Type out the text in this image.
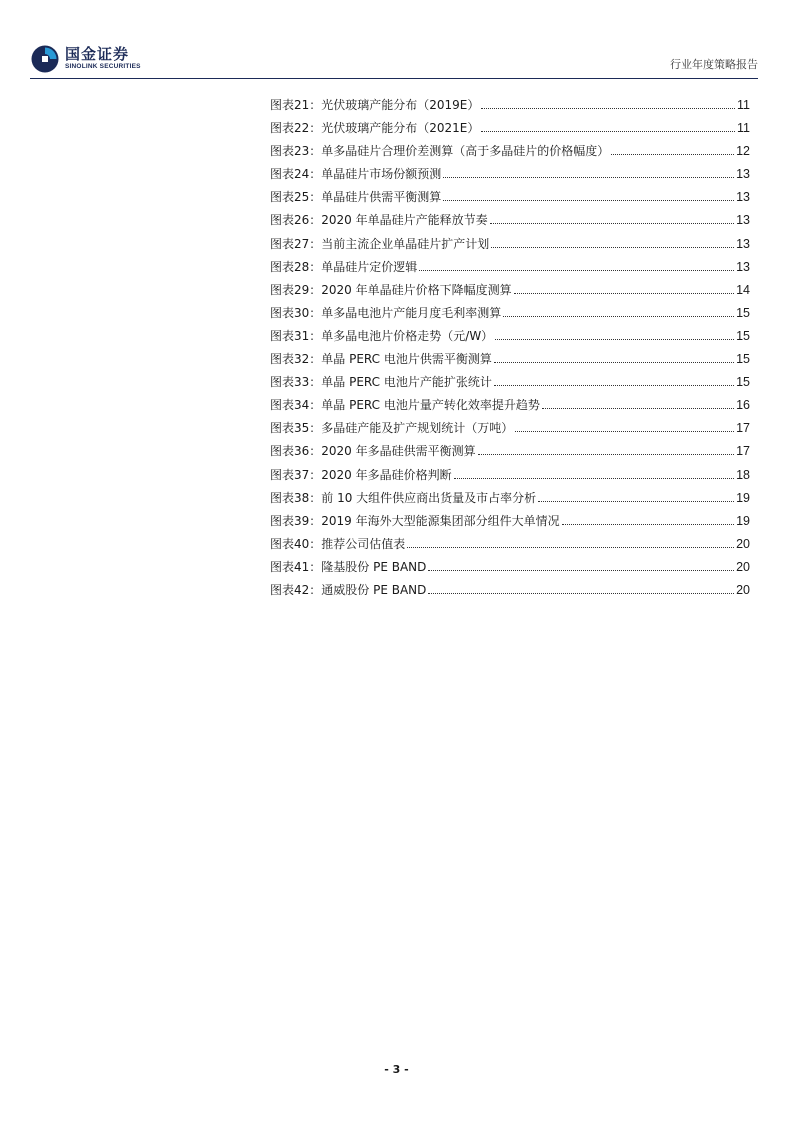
国金证券
SINOLINK SECURITIES	行业年度策略报告
图表21：光伏玻璃产能分布（2019E）	11
图表22：光伏玻璃产能分布（2021E）	11
图表23：单多晶硅片合理价差测算（高于多晶硅片的价格幅度）	12
图表24：单晶硅片市场份额预测	13
图表25：单晶硅片供需平衡测算	13
图表26：2020 年单晶硅片产能释放节奏	13
图表27：当前主流企业单晶硅片扩产计划	13
图表28：单晶硅片定价逻辑	13
图表29：2020 年单晶硅片价格下降幅度测算	14
图表30：单多晶电池片产能月度毛利率测算	15
图表31：单多晶电池片价格走势（元/W）	15
图表32：单晶 PERC 电池片供需平衡测算	15
图表33：单晶 PERC 电池片产能扩张统计	15
图表34：单晶 PERC 电池片量产转化效率提升趋势	16
图表35：多晶硅产能及扩产规划统计（万吨）	17
图表36：2020 年多晶硅供需平衡测算	17
图表37：2020 年多晶硅价格判断	18
图表38：前 10 大组件供应商出货量及市占率分析	19
图表39：2019 年海外大型能源集团部分组件大单情况	19
图表40：推荐公司估值表	20
图表41：隆基股份 PE BAND	20
图表42：通威股份 PE BAND	20
- 3 -
